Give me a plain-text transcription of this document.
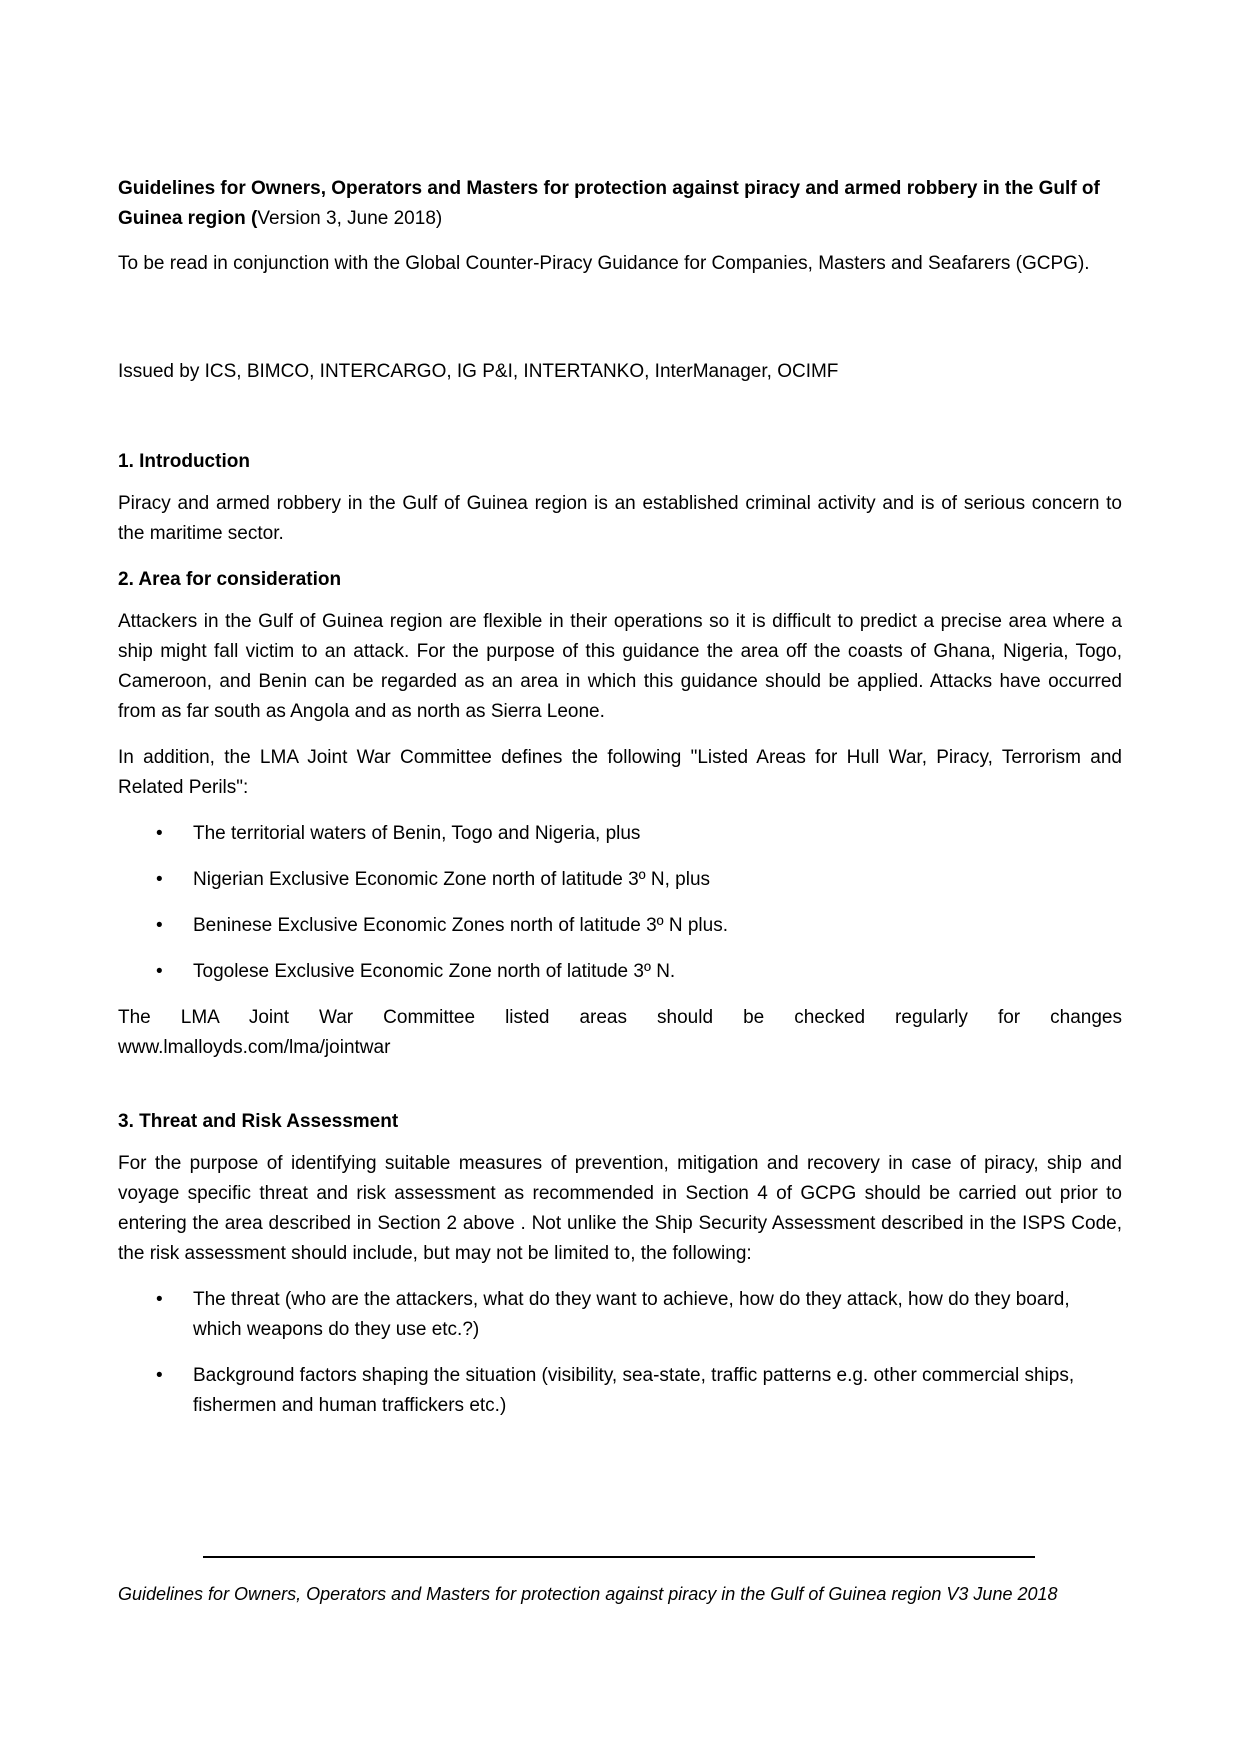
Guidelines for Owners, Operators and Masters for protection against piracy and armed robbery in the Gulf of Guinea region (Version 3, June 2018)

To be read in conjunction with the Global Counter-Piracy Guidance for Companies, Masters and Seafarers (GCPG).

Issued by ICS, BIMCO, INTERCARGO, IG P&I, INTERTANKO, InterManager, OCIMF

1. Introduction

Piracy and armed robbery in the Gulf of Guinea region is an established criminal activity and is of serious concern to the maritime sector.

2. Area for consideration

Attackers in the Gulf of Guinea region are flexible in their operations so it is difficult to predict a precise area where a ship might fall victim to an attack. For the purpose of this guidance the area off the coasts of Ghana, Nigeria, Togo, Cameroon, and Benin can be regarded as an area in which this guidance should be applied. Attacks have occurred from as far south as Angola and as north as Sierra Leone.

In addition, the LMA Joint War Committee defines the following "Listed Areas for Hull War, Piracy, Terrorism and Related Perils":

• The territorial waters of Benin, Togo and Nigeria, plus
• Nigerian Exclusive Economic Zone north of latitude 3º N, plus
• Beninese Exclusive Economic Zones north of latitude 3º N plus.
• Togolese Exclusive Economic Zone north of latitude 3º N.

The LMA Joint War Committee listed areas should be checked regularly for changes

www.lmalloyds.com/lma/jointwar

3. Threat and Risk Assessment

For the purpose of identifying suitable measures of prevention, mitigation and recovery in case of piracy, ship and voyage specific threat and risk assessment as recommended in Section 4 of GCPG should be carried out prior to entering the area described in Section 2 above . Not unlike the Ship Security Assessment described in the ISPS Code, the risk assessment should include, but may not be limited to, the following:

• The threat (who are the attackers, what do they want to achieve, how do they attack, how do they board, which weapons do they use etc.?)
• Background factors shaping the situation (visibility, sea-state, traffic patterns e.g. other commercial ships, fishermen and human traffickers etc.)
Guidelines for Owners, Operators and Masters for protection against piracy in the Gulf of Guinea region V3 June 2018
